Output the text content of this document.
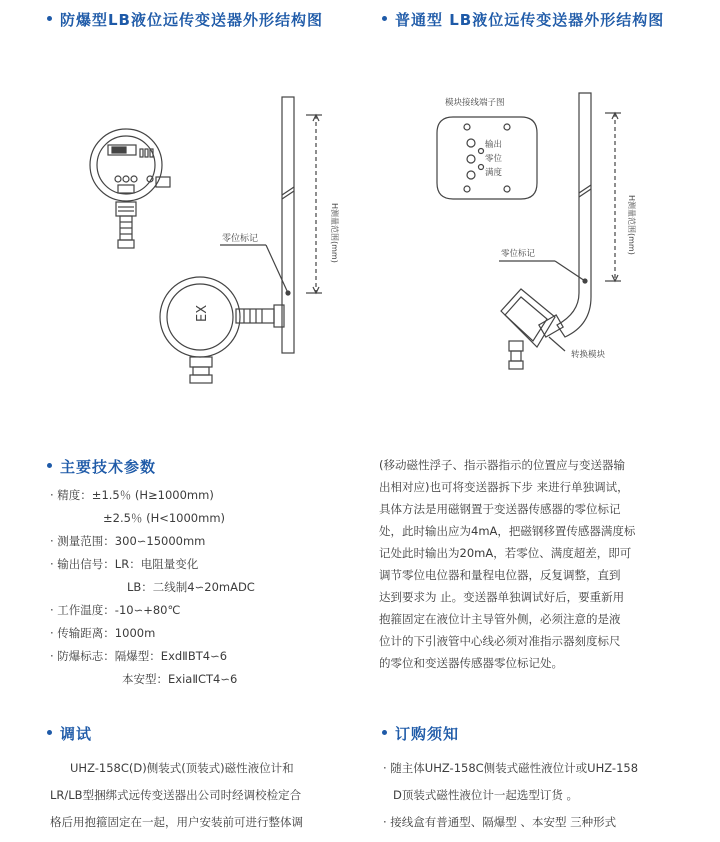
防爆型LB液位远传变送器外形结构图	普通型 LB液位远传变送器外形结构图
EX
零位标记	H测量范围(mm)
模块接线端子图
输出
零位
满度
零位标记	H测量范围(mm)
转换模块
主要技术参数
· 精度：±1.5％ (H≥1000mm)
±2.5％ (H<1000mm)
· 测量范围：300∽15000mm
· 输出信号：LR：电阻量变化
LB：二线制4∽20mADC
· 工作温度：-10∽+80℃
· 传输距离：1000m
· 防爆标志：隔爆型：ExdⅡBT4∽6
本安型：ExiaⅡCT4∽6
(移动磁性浮子、指示器指示的位置应与变送器输
出相对应)也可将变送器拆下步 来进行单独调试，
具体方法是用磁钢置于变送器传感器的零位标记
处，此时输出应为4mA，把磁钢移置传感器满度标
记处此时输出为20mA，若零位、满度超差，即可
调节零位电位器和量程电位器，反复调整，直到
达到要求为 止。变送器单独调试好后，要重新用
抱箍固定在液位计主导管外侧，必须注意的是液
位计的下引液管中心线必须对准指示器刻度标尺
的零位和变送器传感器零位标记处。
调试
UHZ-158C(D)侧装式(顶装式)磁性液位计和
LR/LB型捆绑式远传变送器出公司时经调校检定合
格后用抱箍固定在一起，用户安装前可进行整体调
订购须知
· 随主体UHZ-158C侧装式磁性液位计或UHZ-158
D顶装式磁性液位计一起选型订货 。
· 接线盒有普通型、隔爆型 、本安型 三种形式
